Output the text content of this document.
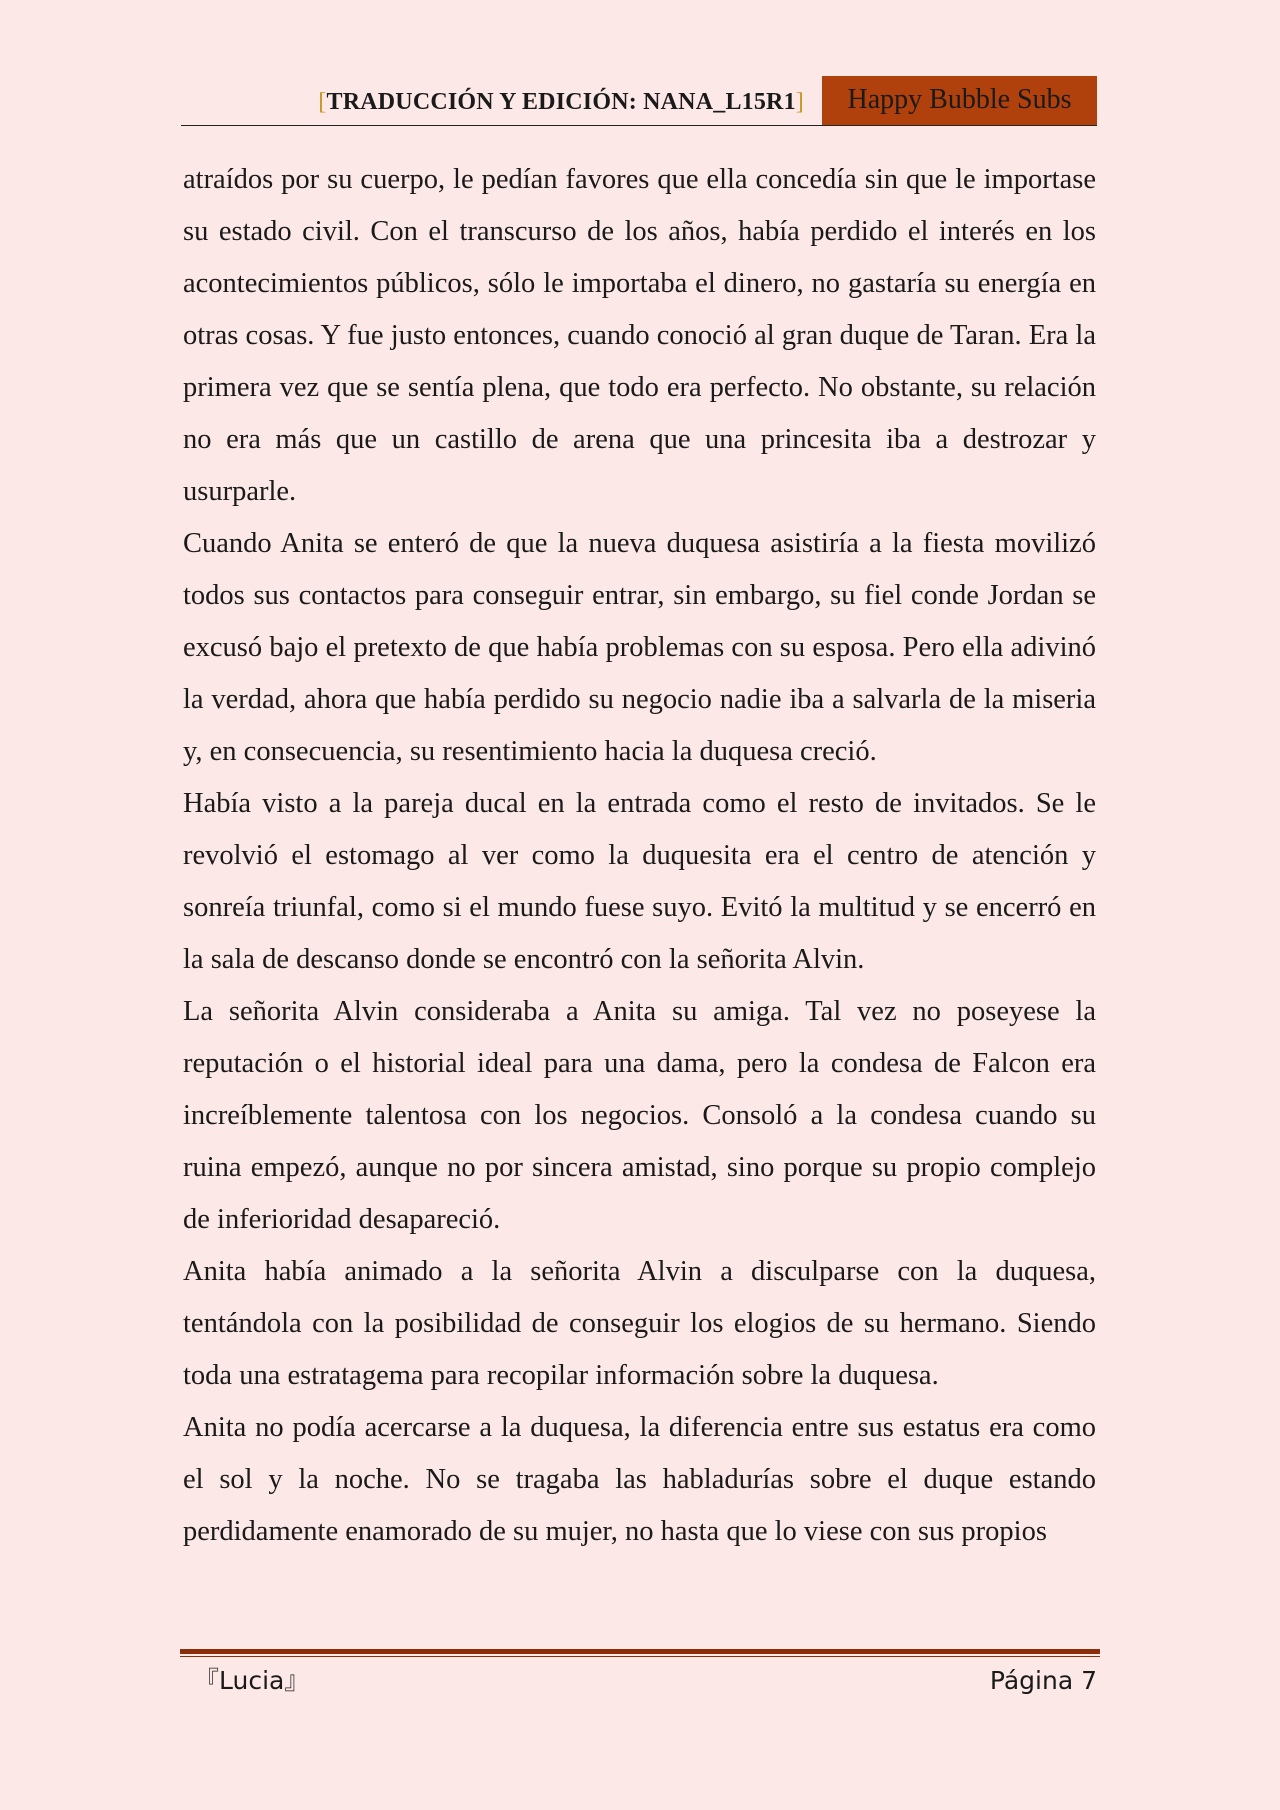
[TRADUCCIÓN Y EDICIÓN: NANA_L15R1]	Happy Bubble Subs

atraídos por su cuerpo, le pedían favores que ella concedía sin que le importase su estado civil. Con el transcurso de los años, había perdido el interés en los acontecimientos públicos, sólo le importaba el dinero, no gastaría su energía en otras cosas. Y fue justo entonces, cuando conoció al gran duque de Taran. Era la primera vez que se sentía plena, que todo era perfecto. No obstante, su relación no era más que un castillo de arena que una princesita iba a destrozar y usurparle.

Cuando Anita se enteró de que la nueva duquesa asistiría a la fiesta movilizó todos sus contactos para conseguir entrar, sin embargo, su fiel conde Jordan se excusó bajo el pretexto de que había problemas con su esposa. Pero ella adivinó la verdad, ahora que había perdido su negocio nadie iba a salvarla de la miseria y, en consecuencia, su resentimiento hacia la duquesa creció.

Había visto a la pareja ducal en la entrada como el resto de invitados. Se le revolvió el estomago al ver como la duquesita era el centro de atención y sonreía triunfal, como si el mundo fuese suyo. Evitó la multitud y se encerró en la sala de descanso donde se encontró con la señorita Alvin.

La señorita Alvin consideraba a Anita su amiga. Tal vez no poseyese la reputación o el historial ideal para una dama, pero la condesa de Falcon era increíblemente talentosa con los negocios. Consoló a la condesa cuando su ruina empezó, aunque no por sincera amistad, sino porque su propio complejo de inferioridad desapareció.

Anita había animado a la señorita Alvin a disculparse con la duquesa, tentándola con la posibilidad de conseguir los elogios de su hermano. Siendo toda una estratagema para recopilar información sobre la duquesa.

Anita no podía acercarse a la duquesa, la diferencia entre sus estatus era como el sol y la noche. No se tragaba las habladurías sobre el duque estando perdidamente enamorado de su mujer, no hasta que lo viese con sus propios

『Lucia』	Página 7
